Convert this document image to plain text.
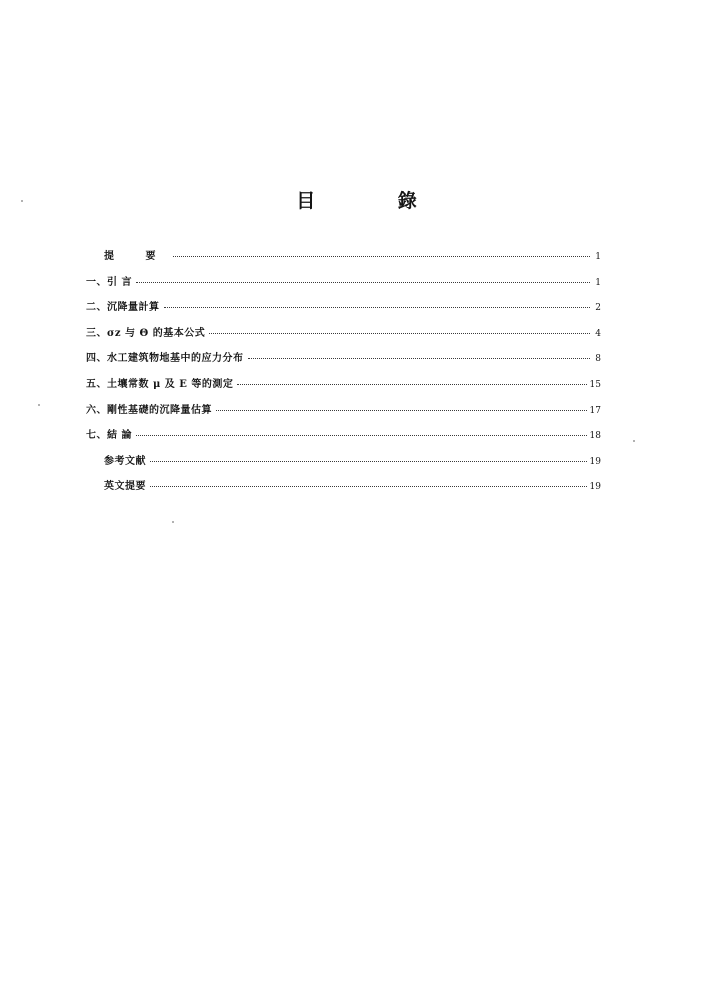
目 錄
提 要	1
一、引 言	1
二、沉降量計算	2
三、σz 与 Θ 的基本公式	4
四、水工建筑物地基中的应力分布	8
五、土壤常数 μ 及 E 等的測定	15
六、剛性基礎的沉降量估算	17
七、結 論	18
参考文献	19
英文提要	19
